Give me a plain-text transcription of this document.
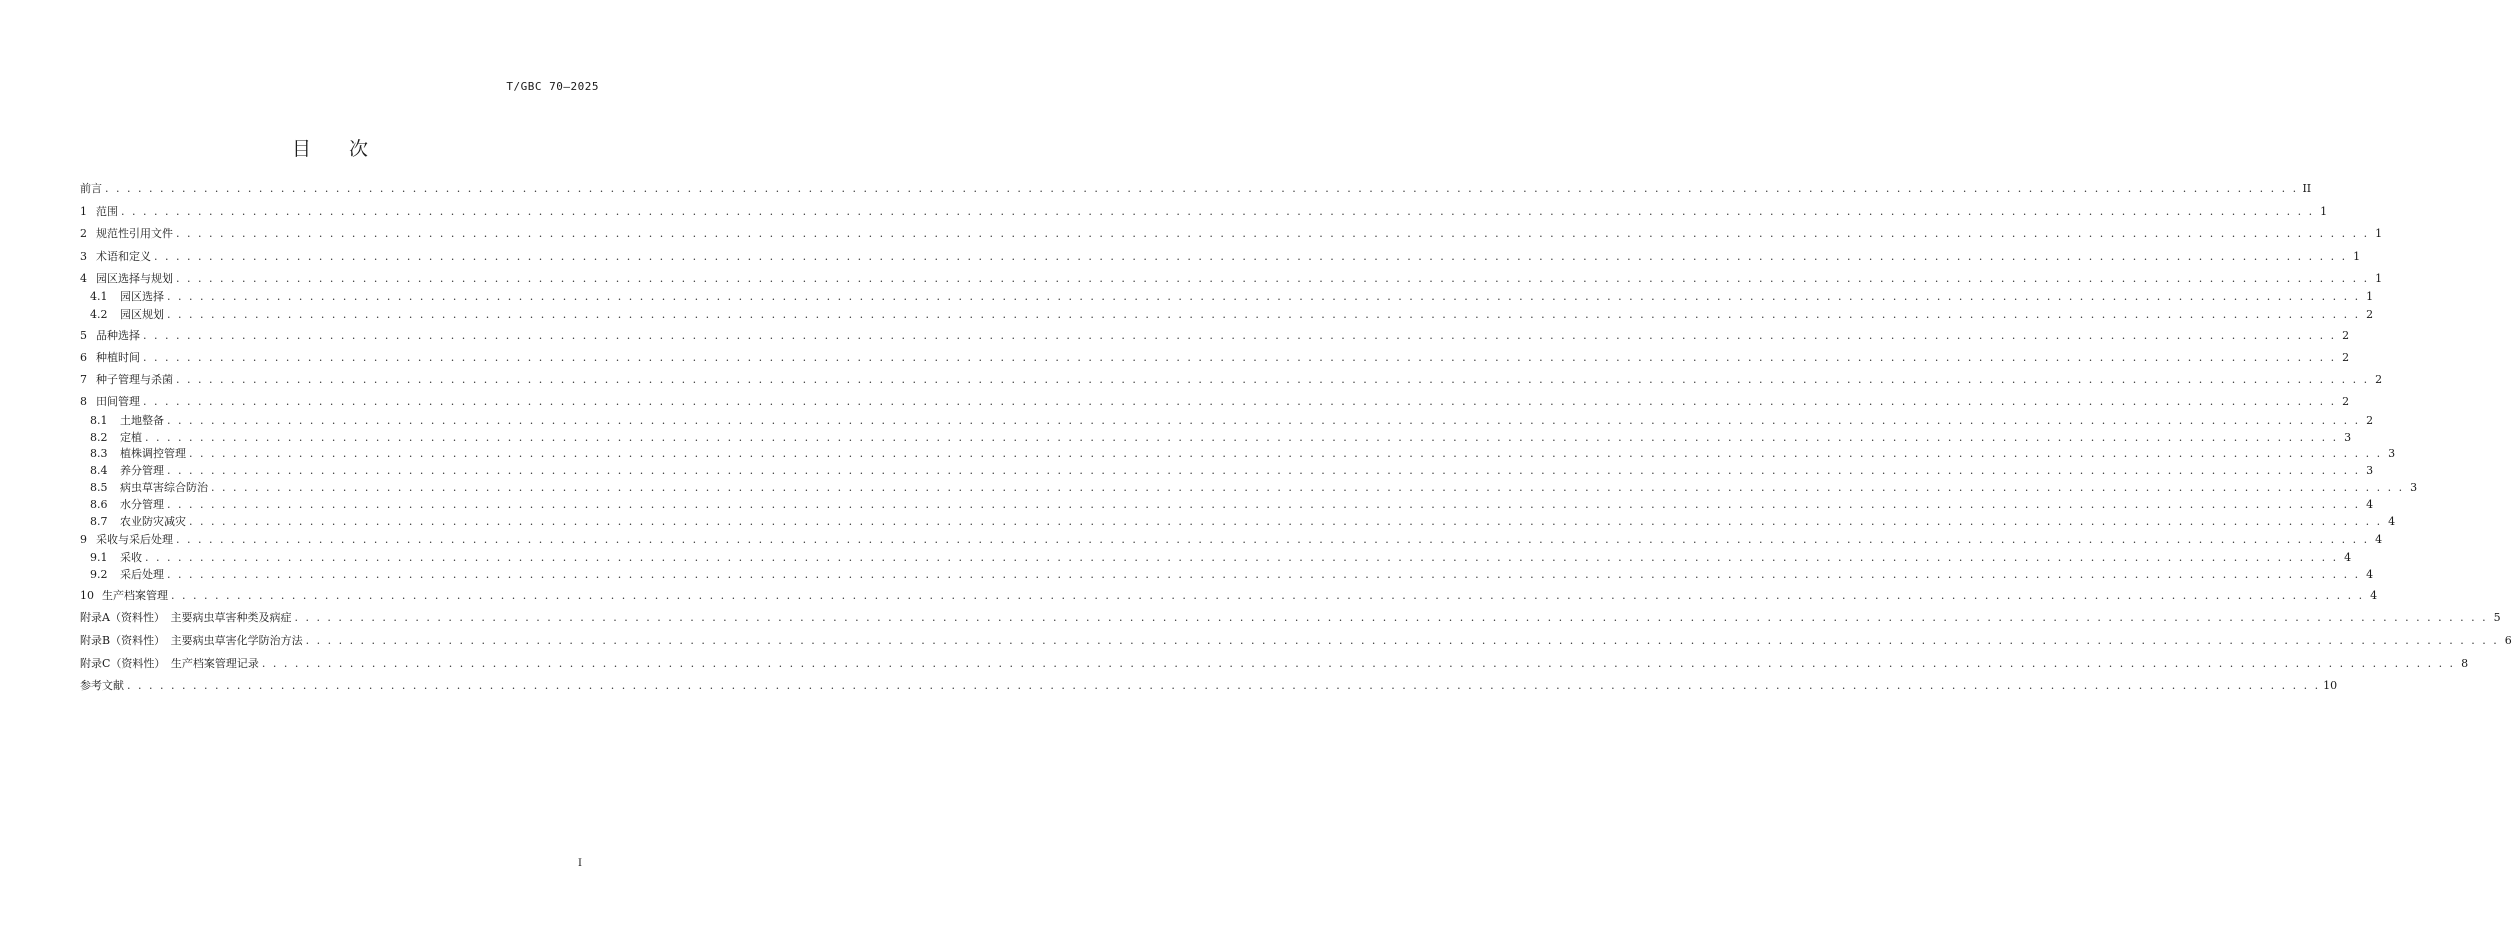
T/GBC 70—2025
目 次
前言 . . . . . . . . . . . . . . . . . . . . . . . . . . . . . . . . . . . . . . . . . . . . . . . . . . . . . . . . . . . . . . . . . . . . . . . . . . . . . . . . . . . . . . . . . . . . . . . . . . . . . . . . . . . . . . . . . . . . . . . . . . . . . . . . . . . . . . . . . . . . . . . . . . . . . . . . . . . . . . . . . . . . . . . . . . . . . . . . . . . . . . . . . . . . . . . . . . . . . . . . II
1 范围 . . . . . . . . . . . . . . . . . . . . . . . . . . . . . . . . . . . . . . . . . . . . . . . . . . . . . . . . . . . . . . . . . . . . . . . . . . . . . . . . . . . . . . . . . . . . . . . . . . . . . . . . . . . . . . . . . . . . . . . . . . . . . . . . . . . . . . . . . . . . . . . . . . . . . . . . . . . . . . . . . . . . . . . . . . . . . . . . . . . . . . . . . . . . . . . . . . . . . . . . 1
2 规范性引用文件 . . . . . . . . . . . . . . . . . . . . . . . . . . . . . . . . . . . . . . . . . . . . . . . . . . . . . . . . . . . . . . . . . . . . . . . . . . . . . . . . . . . . . . . . . . . . . . . . . . . . . . . . . . . . . . . . . . . . . . . . . . . . . . . . . . . . . . . . . . . . . . . . . . . . . . . . . . . . . . . . . . . . . . . . . . . . . . . . . . . . . . . . . . . . . . . . . . . . . . . . 1
3 术语和定义 . . . . . . . . . . . . . . . . . . . . . . . . . . . . . . . . . . . . . . . . . . . . . . . . . . . . . . . . . . . . . . . . . . . . . . . . . . . . . . . . . . . . . . . . . . . . . . . . . . . . . . . . . . . . . . . . . . . . . . . . . . . . . . . . . . . . . . . . . . . . . . . . . . . . . . . . . . . . . . . . . . . . . . . . . . . . . . . . . . . . . . . . . . . . . . . . . . . . . . . . 1
4 园区选择与规划 . . . . . . . . . . . . . . . . . . . . . . . . . . . . . . . . . . . . . . . . . . . . . . . . . . . . . . . . . . . . . . . . . . . . . . . . . . . . . . . . . . . . . . . . . . . . . . . . . . . . . . . . . . . . . . . . . . . . . . . . . . . . . . . . . . . . . . . . . . . . . . . . . . . . . . . . . . . . . . . . . . . . . . . . . . . . . . . . . . . . . . . . . . . . . . . . . . . . . . . . 1
4.1	园区选择 . . . . . . . . . . . . . . . . . . . . . . . . . . . . . . . . . . . . . . . . . . . . . . . . . . . . . . . . . . . . . . . . . . . . . . . . . . . . . . . . . . . . . . . . . . . . . . . . . . . . . . . . . . . . . . . . . . . . . . . . . . . . . . . . . . . . . . . . . . . . . . . . . . . . . . . . . . . . . . . . . . . . . . . . . . . . . . . . . . . . . . . . . . . . . . . . . . . . . . . . 1
4.2	园区规划 . . . . . . . . . . . . . . . . . . . . . . . . . . . . . . . . . . . . . . . . . . . . . . . . . . . . . . . . . . . . . . . . . . . . . . . . . . . . . . . . . . . . . . . . . . . . . . . . . . . . . . . . . . . . . . . . . . . . . . . . . . . . . . . . . . . . . . . . . . . . . . . . . . . . . . . . . . . . . . . . . . . . . . . . . . . . . . . . . . . . . . . . . . . . . . . . . . . . . . . . 2
5 品种选择 . . . . . . . . . . . . . . . . . . . . . . . . . . . . . . . . . . . . . . . . . . . . . . . . . . . . . . . . . . . . . . . . . . . . . . . . . . . . . . . . . . . . . . . . . . . . . . . . . . . . . . . . . . . . . . . . . . . . . . . . . . . . . . . . . . . . . . . . . . . . . . . . . . . . . . . . . . . . . . . . . . . . . . . . . . . . . . . . . . . . . . . . . . . . . . . . . . . . . . . . 2
6 种植时间 . . . . . . . . . . . . . . . . . . . . . . . . . . . . . . . . . . . . . . . . . . . . . . . . . . . . . . . . . . . . . . . . . . . . . . . . . . . . . . . . . . . . . . . . . . . . . . . . . . . . . . . . . . . . . . . . . . . . . . . . . . . . . . . . . . . . . . . . . . . . . . . . . . . . . . . . . . . . . . . . . . . . . . . . . . . . . . . . . . . . . . . . . . . . . . . . . . . . . . . . 2
7 种子管理与杀菌 . . . . . . . . . . . . . . . . . . . . . . . . . . . . . . . . . . . . . . . . . . . . . . . . . . . . . . . . . . . . . . . . . . . . . . . . . . . . . . . . . . . . . . . . . . . . . . . . . . . . . . . . . . . . . . . . . . . . . . . . . . . . . . . . . . . . . . . . . . . . . . . . . . . . . . . . . . . . . . . . . . . . . . . . . . . . . . . . . . . . . . . . . . . . . . . . . . . . . . . . 2
8 田间管理 . . . . . . . . . . . . . . . . . . . . . . . . . . . . . . . . . . . . . . . . . . . . . . . . . . . . . . . . . . . . . . . . . . . . . . . . . . . . . . . . . . . . . . . . . . . . . . . . . . . . . . . . . . . . . . . . . . . . . . . . . . . . . . . . . . . . . . . . . . . . . . . . . . . . . . . . . . . . . . . . . . . . . . . . . . . . . . . . . . . . . . . . . . . . . . . . . . . . . . . . 2
8.1	土地整备 . . . . . . . . . . . . . . . . . . . . . . . . . . . . . . . . . . . . . . . . . . . . . . . . . . . . . . . . . . . . . . . . . . . . . . . . . . . . . . . . . . . . . . . . . . . . . . . . . . . . . . . . . . . . . . . . . . . . . . . . . . . . . . . . . . . . . . . . . . . . . . . . . . . . . . . . . . . . . . . . . . . . . . . . . . . . . . . . . . . . . . . . . . . . . . . . . . . . . . . . 2
8.2	定植 . . . . . . . . . . . . . . . . . . . . . . . . . . . . . . . . . . . . . . . . . . . . . . . . . . . . . . . . . . . . . . . . . . . . . . . . . . . . . . . . . . . . . . . . . . . . . . . . . . . . . . . . . . . . . . . . . . . . . . . . . . . . . . . . . . . . . . . . . . . . . . . . . . . . . . . . . . . . . . . . . . . . . . . . . . . . . . . . . . . . . . . . . . . . . . . . . . . . . . . . 3
8.3	植株调控管理 . . . . . . . . . . . . . . . . . . . . . . . . . . . . . . . . . . . . . . . . . . . . . . . . . . . . . . . . . . . . . . . . . . . . . . . . . . . . . . . . . . . . . . . . . . . . . . . . . . . . . . . . . . . . . . . . . . . . . . . . . . . . . . . . . . . . . . . . . . . . . . . . . . . . . . . . . . . . . . . . . . . . . . . . . . . . . . . . . . . . . . . . . . . . . . . . . . . . . . . . 3
8.4	养分管理 . . . . . . . . . . . . . . . . . . . . . . . . . . . . . . . . . . . . . . . . . . . . . . . . . . . . . . . . . . . . . . . . . . . . . . . . . . . . . . . . . . . . . . . . . . . . . . . . . . . . . . . . . . . . . . . . . . . . . . . . . . . . . . . . . . . . . . . . . . . . . . . . . . . . . . . . . . . . . . . . . . . . . . . . . . . . . . . . . . . . . . . . . . . . . . . . . . . . . . . . 3
8.5	病虫草害综合防治 . . . . . . . . . . . . . . . . . . . . . . . . . . . . . . . . . . . . . . . . . . . . . . . . . . . . . . . . . . . . . . . . . . . . . . . . . . . . . . . . . . . . . . . . . . . . . . . . . . . . . . . . . . . . . . . . . . . . . . . . . . . . . . . . . . . . . . . . . . . . . . . . . . . . . . . . . . . . . . . . . . . . . . . . . . . . . . . . . . . . . . . . . . . . . . . . . . . . . . . . 3
8.6	水分管理 . . . . . . . . . . . . . . . . . . . . . . . . . . . . . . . . . . . . . . . . . . . . . . . . . . . . . . . . . . . . . . . . . . . . . . . . . . . . . . . . . . . . . . . . . . . . . . . . . . . . . . . . . . . . . . . . . . . . . . . . . . . . . . . . . . . . . . . . . . . . . . . . . . . . . . . . . . . . . . . . . . . . . . . . . . . . . . . . . . . . . . . . . . . . . . . . . . . . . . . . 4
8.7	农业防灾减灾 . . . . . . . . . . . . . . . . . . . . . . . . . . . . . . . . . . . . . . . . . . . . . . . . . . . . . . . . . . . . . . . . . . . . . . . . . . . . . . . . . . . . . . . . . . . . . . . . . . . . . . . . . . . . . . . . . . . . . . . . . . . . . . . . . . . . . . . . . . . . . . . . . . . . . . . . . . . . . . . . . . . . . . . . . . . . . . . . . . . . . . . . . . . . . . . . . . . . . . . . 4
9 采收与采后处理 . . . . . . . . . . . . . . . . . . . . . . . . . . . . . . . . . . . . . . . . . . . . . . . . . . . . . . . . . . . . . . . . . . . . . . . . . . . . . . . . . . . . . . . . . . . . . . . . . . . . . . . . . . . . . . . . . . . . . . . . . . . . . . . . . . . . . . . . . . . . . . . . . . . . . . . . . . . . . . . . . . . . . . . . . . . . . . . . . . . . . . . . . . . . . . . . . . . . . . . . 4
9.1	采收 . . . . . . . . . . . . . . . . . . . . . . . . . . . . . . . . . . . . . . . . . . . . . . . . . . . . . . . . . . . . . . . . . . . . . . . . . . . . . . . . . . . . . . . . . . . . . . . . . . . . . . . . . . . . . . . . . . . . . . . . . . . . . . . . . . . . . . . . . . . . . . . . . . . . . . . . . . . . . . . . . . . . . . . . . . . . . . . . . . . . . . . . . . . . . . . . . . . . . . . . 4
9.2	采后处理 . . . . . . . . . . . . . . . . . . . . . . . . . . . . . . . . . . . . . . . . . . . . . . . . . . . . . . . . . . . . . . . . . . . . . . . . . . . . . . . . . . . . . . . . . . . . . . . . . . . . . . . . . . . . . . . . . . . . . . . . . . . . . . . . . . . . . . . . . . . . . . . . . . . . . . . . . . . . . . . . . . . . . . . . . . . . . . . . . . . . . . . . . . . . . . . . . . . . . . . . 4
10 生产档案管理 . . . . . . . . . . . . . . . . . . . . . . . . . . . . . . . . . . . . . . . . . . . . . . . . . . . . . . . . . . . . . . . . . . . . . . . . . . . . . . . . . . . . . . . . . . . . . . . . . . . . . . . . . . . . . . . . . . . . . . . . . . . . . . . . . . . . . . . . . . . . . . . . . . . . . . . . . . . . . . . . . . . . . . . . . . . . . . . . . . . . . . . . . . . . . . . . . . . . . . . . 4
附录A（资料性）　主要病虫草害种类及病症 . . . . . . . . . . . . . . . . . . . . . . . . . . . . . . . . . . . . . . . . . . . . . . . . . . . . . . . . . . . . . . . . . . . . . . . . . . . . . . . . . . . . . . . . . . . . . . . . . . . . . . . . . . . . . . . . . . . . . . . . . . . . . . . . . . . . . . . . . . . . . . . . . . . . . . . . . . . . . . . . . . . . . . . . . . . . . . . . . . . . . . . . . . . . . . . . . . . . . . . . 5
附录B（资料性）　主要病虫草害化学防治方法 . . . . . . . . . . . . . . . . . . . . . . . . . . . . . . . . . . . . . . . . . . . . . . . . . . . . . . . . . . . . . . . . . . . . . . . . . . . . . . . . . . . . . . . . . . . . . . . . . . . . . . . . . . . . . . . . . . . . . . . . . . . . . . . . . . . . . . . . . . . . . . . . . . . . . . . . . . . . . . . . . . . . . . . . . . . . . . . . . . . . . . . . . . . . . . . . . . . . . . . . 6
附录C（资料性）　生产档案管理记录 . . . . . . . . . . . . . . . . . . . . . . . . . . . . . . . . . . . . . . . . . . . . . . . . . . . . . . . . . . . . . . . . . . . . . . . . . . . . . . . . . . . . . . . . . . . . . . . . . . . . . . . . . . . . . . . . . . . . . . . . . . . . . . . . . . . . . . . . . . . . . . . . . . . . . . . . . . . . . . . . . . . . . . . . . . . . . . . . . . . . . . . . . . . . . . . . . . . . . . . . 8
参考文献 . . . . . . . . . . . . . . . . . . . . . . . . . . . . . . . . . . . . . . . . . . . . . . . . . . . . . . . . . . . . . . . . . . . . . . . . . . . . . . . . . . . . . . . . . . . . . . . . . . . . . . . . . . . . . . . . . . . . . . . . . . . . . . . . . . . . . . . . . . . . . . . . . . . . . . . . . . . . . . . . . . . . . . . . . . . . . . . . . . . . . . . . . . . . . . . . . . . . . . . . 10
I
